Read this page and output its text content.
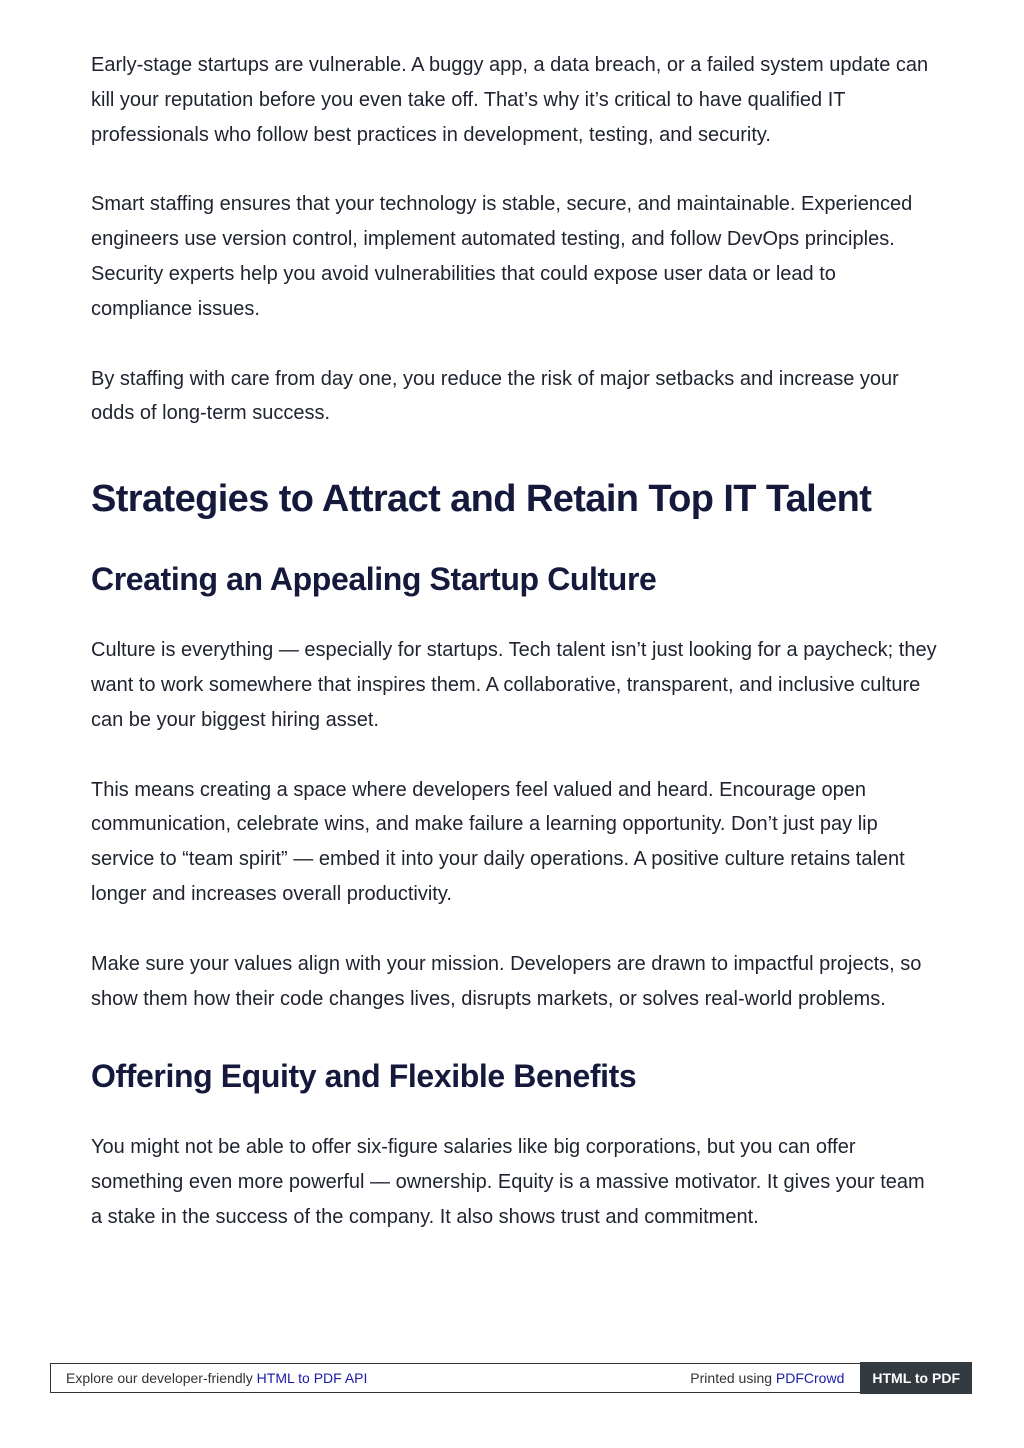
Early-stage startups are vulnerable. A buggy app, a data breach, or a failed system update can kill your reputation before you even take off. That’s why it’s critical to have qualified IT professionals who follow best practices in development, testing, and security.

Smart staffing ensures that your technology is stable, secure, and maintainable. Experienced engineers use version control, implement automated testing, and follow DevOps principles. Security experts help you avoid vulnerabilities that could expose user data or lead to compliance issues.

By staffing with care from day one, you reduce the risk of major setbacks and increase your odds of long-term success.

Strategies to Attract and Retain Top IT Talent
Creating an Appealing Startup Culture

Culture is everything — especially for startups. Tech talent isn’t just looking for a paycheck; they want to work somewhere that inspires them. A collaborative, transparent, and inclusive culture can be your biggest hiring asset.

This means creating a space where developers feel valued and heard. Encourage open communication, celebrate wins, and make failure a learning opportunity. Don’t just pay lip service to “team spirit” — embed it into your daily operations. A positive culture retains talent longer and increases overall productivity.

Make sure your values align with your mission. Developers are drawn to impactful projects, so show them how their code changes lives, disrupts markets, or solves real-world problems.

Offering Equity and Flexible Benefits

You might not be able to offer six-figure salaries like big corporations, but you can offer something even more powerful — ownership. Equity is a massive motivator. It gives your team a stake in the success of the company. It also shows trust and commitment.

Explore our developer-friendly HTML to PDF API	Printed using PDFCrowd	HTML to PDF
